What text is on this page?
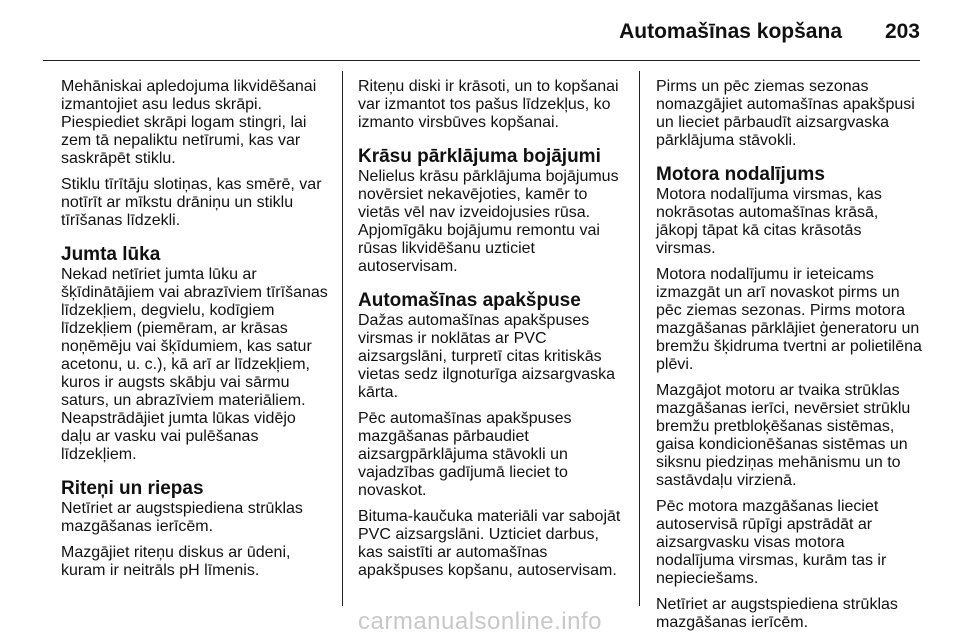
Automašīnas kopšana 203

Mehāniskai apledojuma likvidēšanai izmantojiet asu ledus skrāpi. Piespiediet skrāpi logam stingri, lai zem tā nepaliktu netīrumi, kas var saskrāpēt stiklu.

Stiklu tīrītāju slotiņas, kas smērē, var notīrīt ar mīkstu drāniņu un stiklu tīrīšanas līdzekli.

Jumta lūka

Nekad netīriet jumta lūku ar šķīdinātājiem vai abrazīviem tīrīšanas līdzekļiem, degvielu, kodīgiem līdzekļiem (piemēram, ar krāsas noņēmēju vai šķīdumiem, kas satur acetonu, u. c.), kā arī ar līdzekļiem, kuros ir augsts skābju vai sārmu saturs, un abrazīviem materiāliem. Neapstrādājiet jumta lūkas vidējo daļu ar vasku vai pulēšanas līdzekļiem.

Riteņi un riepas

Netīriet ar augstspiediena strūklas mazgāšanas ierīcēm.

Mazgājiet riteņu diskus ar ūdeni, kuram ir neitrāls pH līmenis.

Riteņu diski ir krāsoti, un to kopšanai var izmantot tos pašus līdzekļus, ko izmanto virsbūves kopšanai.

Krāsu pārklājuma bojājumi

Nelielus krāsu pārklājuma bojājumus novērsiet nekavējoties, kamēr to vietās vēl nav izveidojusies rūsa. Apjomīgāku bojājumu remontu vai rūsas likvidēšanu uzticiet autoservisam.

Automašīnas apakšpuse

Dažas automašīnas apakšpuses virsmas ir noklātas ar PVC aizsargslāni, turpretī citas kritiskās vietas sedz ilgnoturīga aizsargvaska kārta.

Pēc automašīnas apakšpuses mazgāšanas pārbaudiet aizsargpārklājuma stāvokli un vajadzības gadījumā lieciet to novaskot.

Bituma-kaučuka materiāli var sabojāt PVC aizsargslāni. Uzticiet darbus, kas saistīti ar automašīnas apakšpuses kopšanu, autoservisam.

Pirms un pēc ziemas sezonas nomazgājiet automašīnas apakšpusi un lieciet pārbaudīt aizsargvaska pārklājuma stāvokli.

Motora nodalījums

Motora nodalījuma virsmas, kas nokrāsotas automašīnas krāsā, jākopj tāpat kā citas krāsotās virsmas.

Motora nodalījumu ir ieteicams izmazgāt un arī novaskot pirms un pēc ziemas sezonas. Pirms motora mazgāšanas pārklājiet ģeneratoru un bremžu šķidruma tvertni ar polietilēna plēvi.

Mazgājot motoru ar tvaika strūklas mazgāšanas ierīci, nevērsiet strūklu bremžu pretbloķēšanas sistēmas, gaisa kondicionēšanas sistēmas un siksnu piedziņas mehānismu un to sastāvdaļu virzienā.

Pēc motora mazgāšanas lieciet autoservisā rūpīgi apstrādāt ar aizsargvasku visas motora nodalījuma virsmas, kurām tas ir nepieciešams.

Netīriet ar augstspiediena strūklas mazgāšanas ierīcēm.

carmanualsonline.info
